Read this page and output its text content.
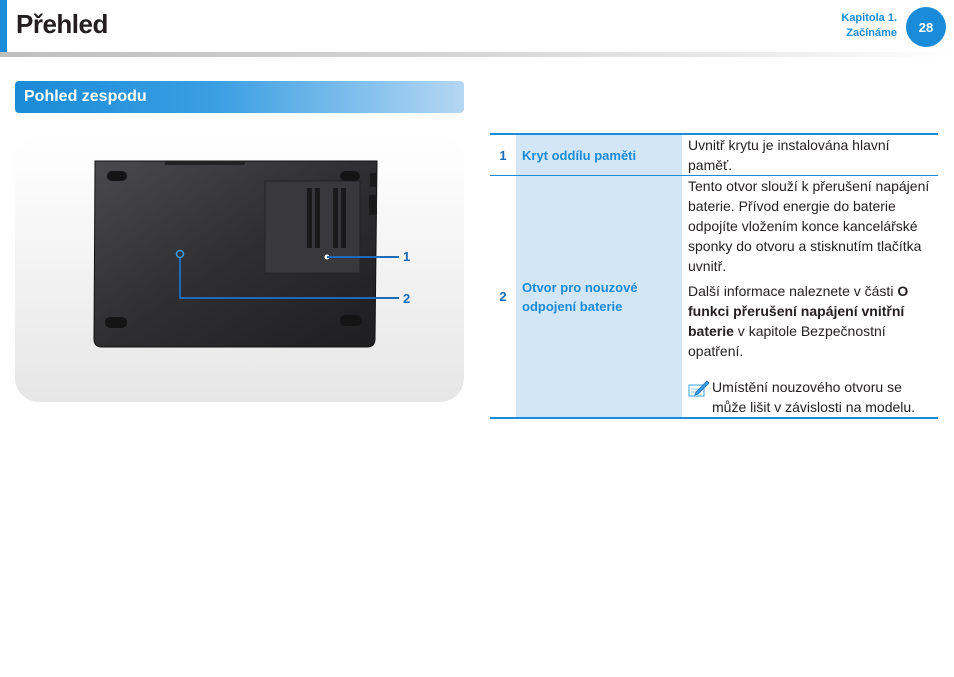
Přehled	Kapitola 1.
Začínáme	28
Pohled zespodu
1
2
1	Kryt oddílu paměti	Uvnitř krytu je instalována hlavní paměť.
2	Otvor pro nouzové odpojení baterie	Tento otvor slouží k přerušení napájení baterie. Přívod energie do baterie odpojíte vložením konce kancelářské sponky do otvoru a stisknutím tlačítka uvnitř.

Další informace naleznete v části O funkci přerušení napájení vnitřní baterie v kapitole Bezpečnostní opatření.

Umístění nouzového otvoru se může lišit v závislosti na modelu.
